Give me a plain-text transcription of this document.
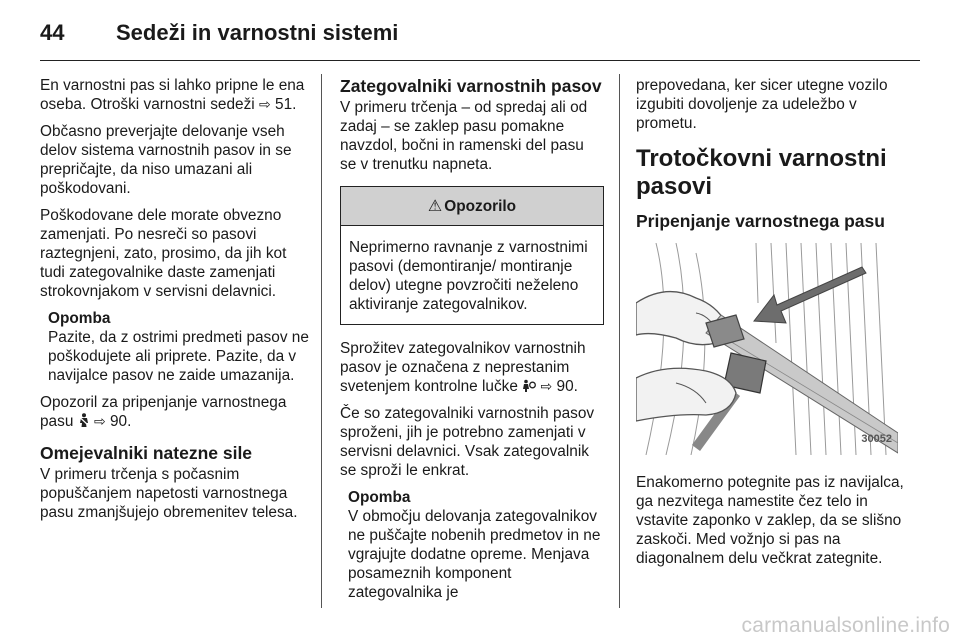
44	Sedeži in varnostni sistemi

En varnostni pas si lahko pripne le ena oseba. Otroški varnostni sedeži ⇨ 51.

Občasno preverjajte delovanje vseh delov sistema varnostnih pasov in se prepričajte, da niso umazani ali poškodovani.

Poškodovane dele morate obvezno zamenjati. Po nesreči so pasovi raztegnjeni, zato, prosimo, da jih kot tudi zategovalnike daste zamenjati strokovnjakom v servisni delavnici.

Opomba
Pazite, da z ostrimi predmeti pasov ne poškodujete ali priprete. Pazite, da v navijalce pasov ne zaide umazanija.

Opozoril za pripenjanje varnostnega pasu ⇨ 90.

Omejevalniki natezne sile

V primeru trčenja s počasnim popuščanjem napetosti varnostnega pasu zmanjšujejo obremenitev telesa.

Zategovalniki varnostnih pasov

V primeru trčenja – od spredaj ali od zadaj – se zaklep pasu pomakne navzdol, bočni in ramenski del pasu se v trenutku napneta.

⚠ Opozorilo
Neprimerno ravnanje z varnostnimi pasovi (demontiranje/ montiranje delov) utegne povzročiti neželeno aktiviranje zategovalnikov.

Sprožitev zategovalnikov varnostnih pasov je označena z neprestanim svetenjem kontrolne lučke ⇨ 90.

Če so zategovalniki varnostnih pasov sproženi, jih je potrebno zamenjati v servisni delavnici. Vsak zategovalnik se sproži le enkrat.

Opomba
V območju delovanja zategovalnikov ne puščajte nobenih predmetov in ne vgrajujte dodatne opreme. Menjava posameznih komponent zategovalnika je

prepovedana, ker sicer utegne vozilo izgubiti dovoljenje za udeležbo v prometu.

Trotočkovni varnostni pasovi
Pripenjanje varnostnega pasu
30052

Enakomerno potegnite pas iz navijalca, ga nezvitega namestite čez telo in vstavite zaponko v zaklep, da se slišno zaskoči. Med vožnjo si pas na diagonalnem delu večkrat zategnite.

carmanualsonline.info
